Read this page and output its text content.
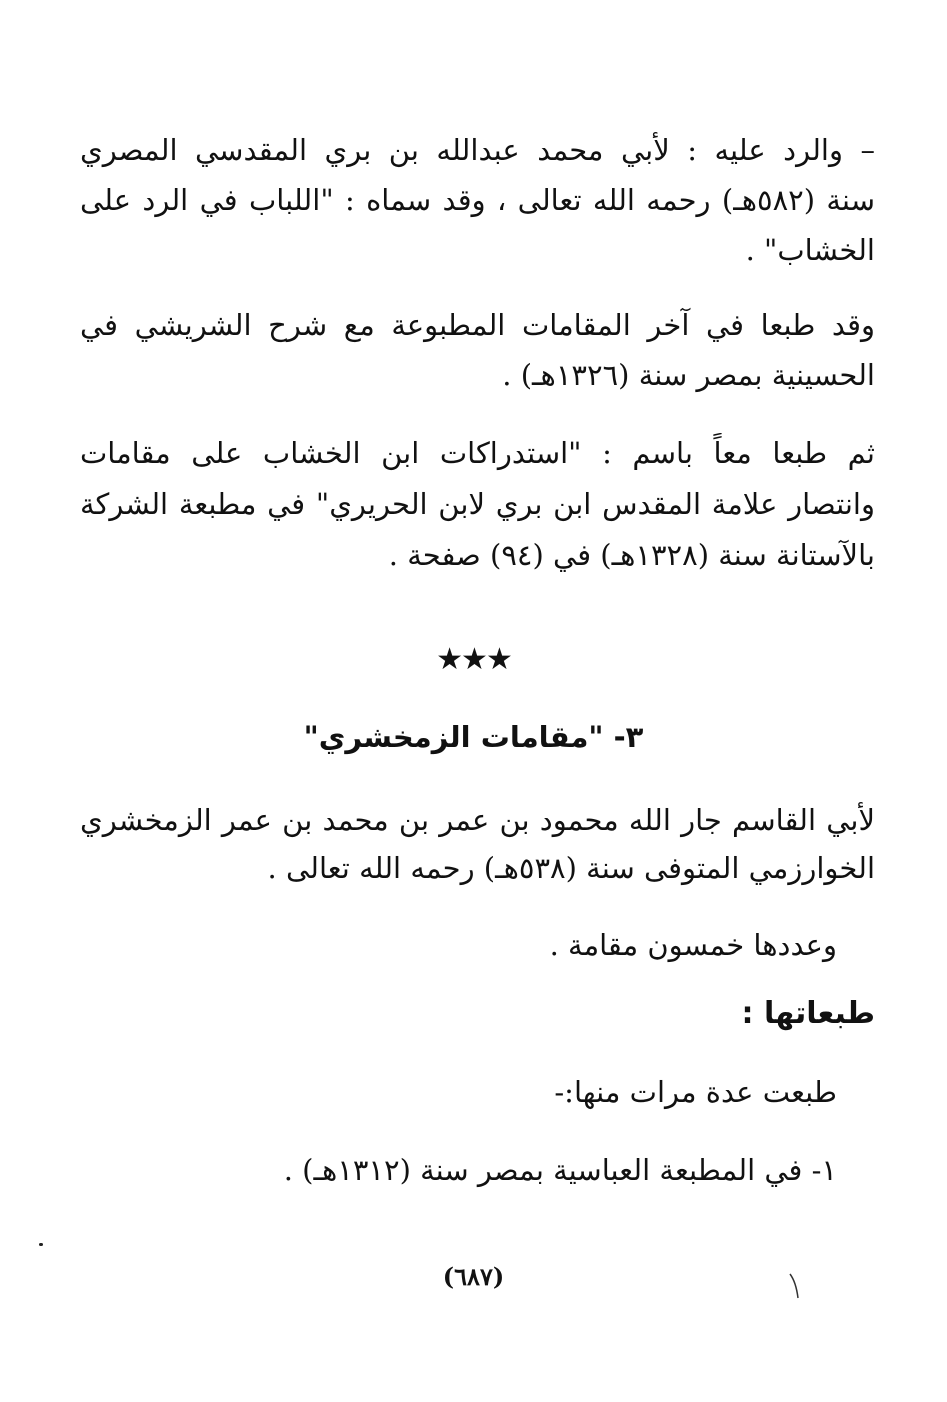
– والرد عليه : لأبي محمد عبدالله بن بري المقدسي المصري
سنة (٥٨٢هـ) رحمه الله تعالى ، وقد سماه : "اللباب في الرد على
الخشاب" .
وقد طبعا في آخر المقامات المطبوعة مع شرح الشريشي في
الحسينية بمصر سنة (١٣٢٦هـ) .
ثم طبعا معاً باسم : "استدراكات ابن الخشاب على مقامات
وانتصار علامة المقدس ابن بري لابن الحريري" في مطبعة الشركة
بالآستانة سنة (١٣٢٨هـ) في (٩٤) صفحة .
★★★
٣- "مقامات الزمخشري"
لأبي القاسم جار الله محمود بن عمر بن محمد بن عمر الزمخشري
الخوارزمي المتوفى سنة (٥٣٨هـ) رحمه الله تعالى .
وعددها خمسون مقامة .
طبعاتها :
طبعت عدة مرات منها:-
١- في المطبعة العباسية بمصر سنة (١٣١٢هـ) .
(٦٨٧)
